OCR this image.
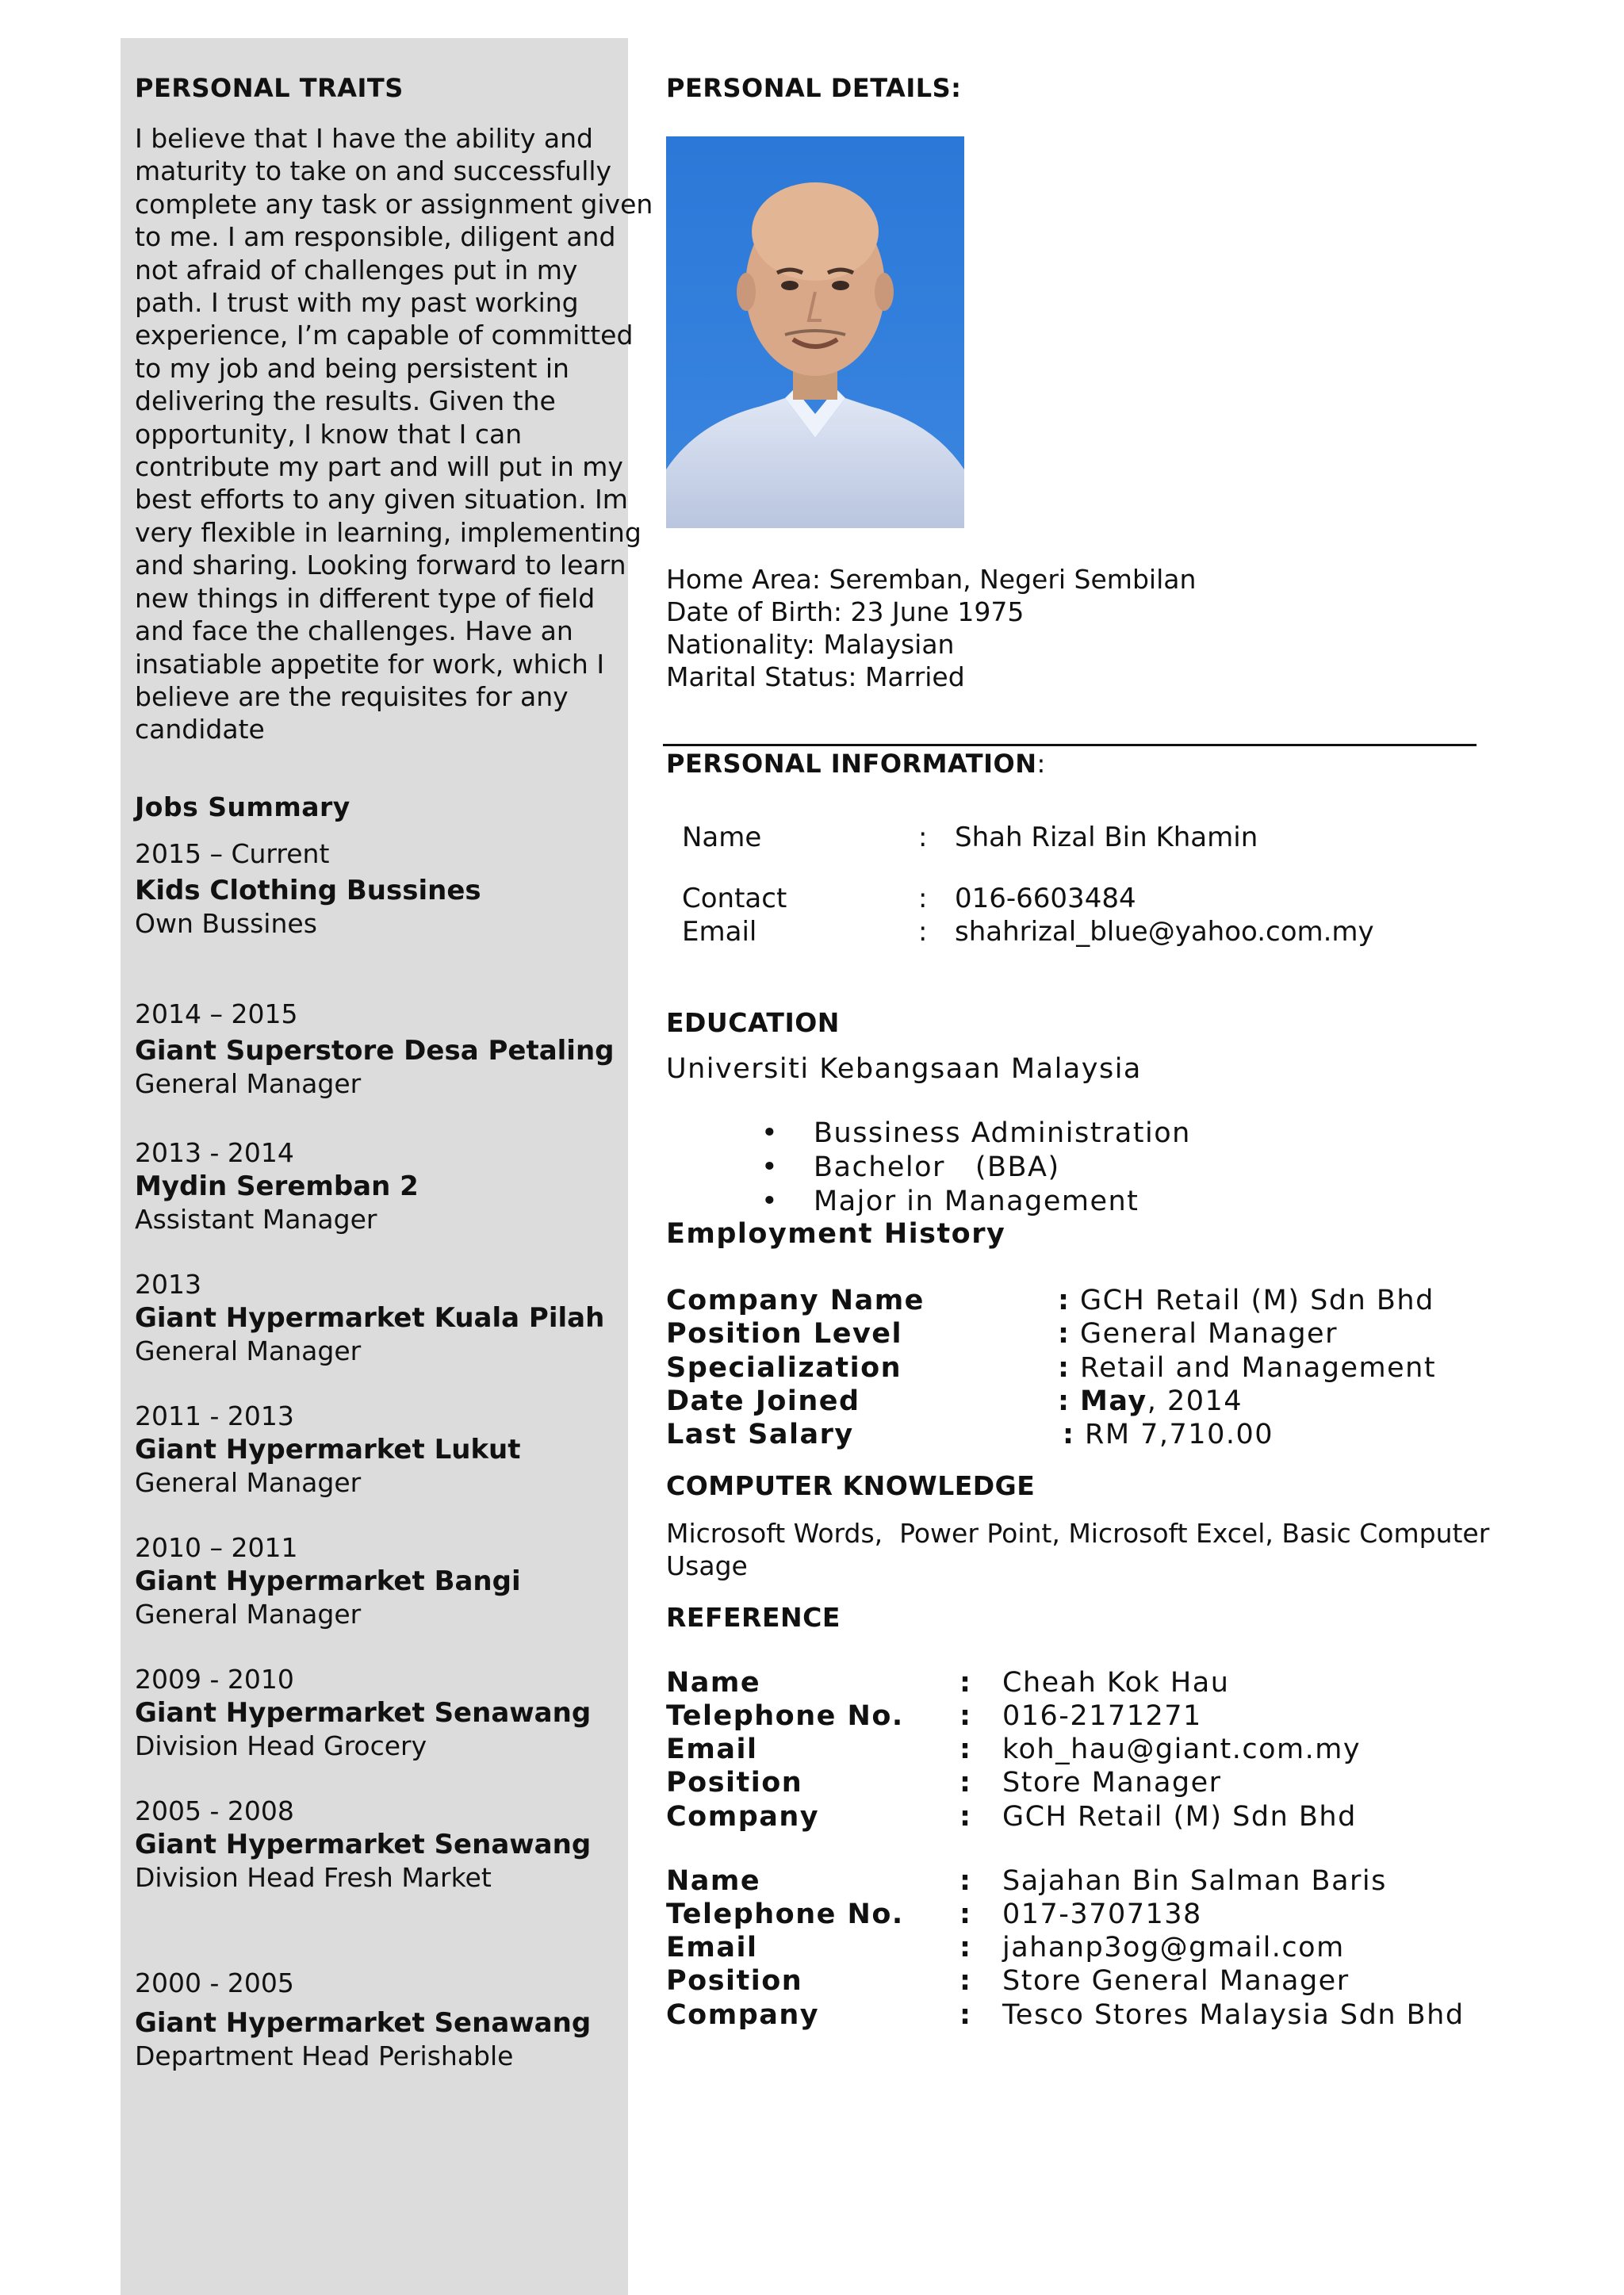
PERSONAL TRAITS
I believe that I have the ability and
maturity to take on and successfully
complete any task or assignment given
to me. I am responsible, diligent and
not afraid of challenges put in my
path. I trust with my past working
experience, I’m capable of committed
to my job and being persistent in
delivering the results. Given the
opportunity, I know that I can
contribute my part and will put in my
best efforts to any given situation. Im
very flexible in learning, implementing
and sharing. Looking forward to learn
new things in different type of field
and face the challenges. Have an
insatiable appetite for work, which I
believe are the requisites for any
candidate
Jobs Summary
2015 – Current
Kids Clothing Bussines
Own Bussines
2014 – 2015
Giant Superstore Desa Petaling
General Manager
2013 - 2014
Mydin Seremban 2
Assistant Manager
2013
Giant Hypermarket Kuala Pilah
General Manager
2011 - 2013
Giant Hypermarket Lukut
General Manager
2010 – 2011
Giant Hypermarket Bangi
General Manager
2009 - 2010
Giant Hypermarket Senawang
Division Head Grocery
2005 - 2008
Giant Hypermarket Senawang
Division Head Fresh Market
2000 - 2005
Giant Hypermarket Senawang
Department Head Perishable
PERSONAL DETAILS:
Home Area: Seremban, Negeri Sembilan
Date of Birth: 23 June 1975
Nationality: Malaysian
Marital Status: Married
PERSONAL INFORMATION:
Name	: Shah Rizal Bin Khamin
Contact	: 016-6603484
Email	: shahrizal_blue@yahoo.com.my
EDUCATION
Universiti Kebangsaan Malaysia
• Bussiness Administration
• Bachelor   (BBA)
• Major in Management
Employment History
Company Name	: GCH Retail (M) Sdn Bhd
Position Level	: General Manager
Specialization	: Retail and Management
Date Joined	: May, 2014
Last Salary	: RM 7,710.00
COMPUTER KNOWLEDGE
Microsoft Words,  Power Point, Microsoft Excel, Basic Computer
Usage
REFERENCE
Name	: Cheah Kok Hau
Telephone No. : 016-2171271
Email	: koh_hau@giant.com.my
Position	: Store Manager
Company	: GCH Retail (M) Sdn Bhd
Name	: Sajahan Bin Salman Baris
Telephone No. : 017-3707138
Email	: jahanp3og@gmail.com
Position	: Store General Manager
Company	: Tesco Stores Malaysia Sdn Bhd
